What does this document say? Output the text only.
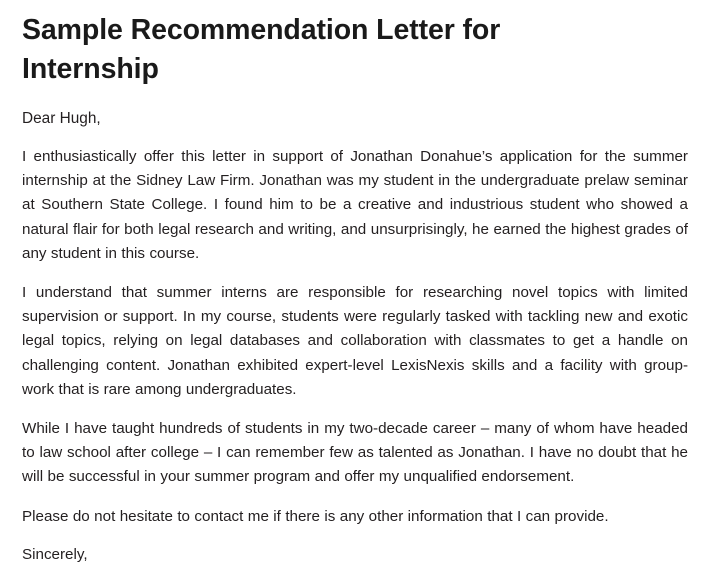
Sample Recommendation Letter for Internship

Dear Hugh,

I enthusiastically offer this letter in support of Jonathan Donahue’s application for the summer internship at the Sidney Law Firm. Jonathan was my student in the undergraduate prelaw seminar at Southern State College. I found him to be a creative and industrious student who showed a natural flair for both legal research and writing, and unsurprisingly, he earned the highest grades of any student in this course.

I understand that summer interns are responsible for researching novel topics with limited supervision or support. In my course, students were regularly tasked with tackling new and exotic legal topics, relying on legal databases and collaboration with classmates to get a handle on challenging content. Jonathan exhibited expert-level LexisNexis skills and a facility with group-work that is rare among undergraduates.

While I have taught hundreds of students in my two-decade career – many of whom have headed to law school after college – I can remember few as talented as Jonathan. I have no doubt that he will be successful in your summer program and offer my unqualified endorsement.

Please do not hesitate to contact me if there is any other information that I can provide.

Sincerely,
